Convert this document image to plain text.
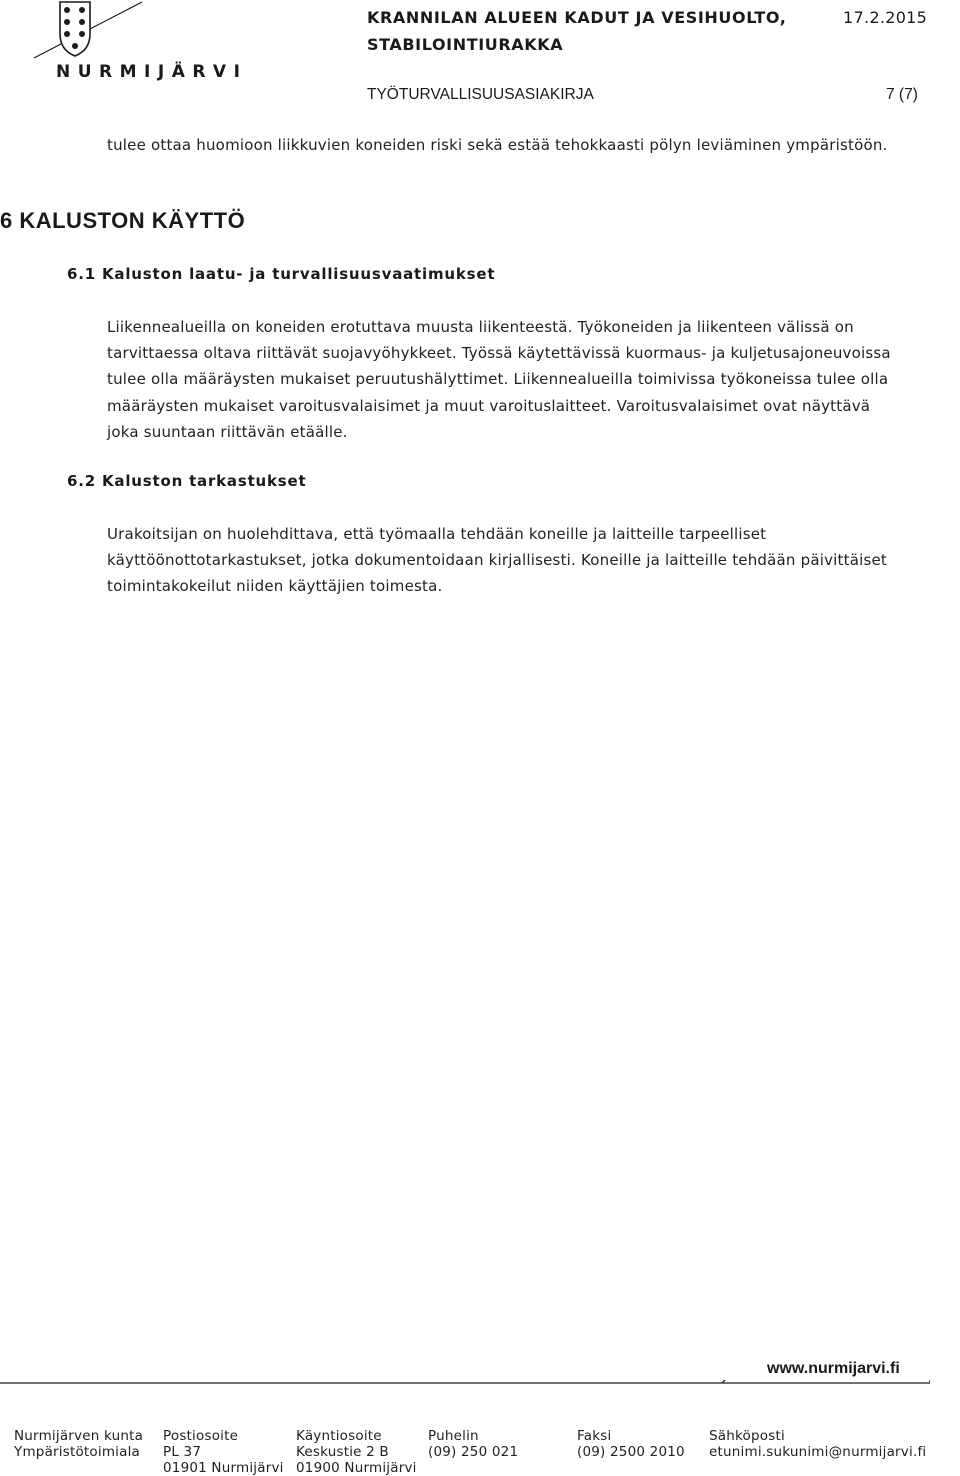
NURMIJÄRVI
KRANNILAN ALUEEN KADUT JA VESIHUOLTO,
STABILOINTIURAKKA
17.2.2015
TYÖTURVALLISUUSASIAKIRJA	7 (7)
tulee ottaa huomioon liikkuvien koneiden riski sekä estää tehokkaasti pölyn leviäminen ympäristöön.
6 KALUSTON KÄYTTÖ
6.1 Kaluston laatu- ja turvallisuusvaatimukset
Liikennealueilla on koneiden erotuttava muusta liikenteestä. Työkoneiden ja liikenteen välissä on
tarvittaessa oltava riittävät suojavyöhykkeet. Työssä käytettävissä kuormaus- ja kuljetusajoneuvoissa
tulee olla määräysten mukaiset peruutushälyttimet. Liikennealueilla toimivissa työkoneissa tulee olla
määräysten mukaiset varoitusvalaisimet ja muut varoituslaitteet. Varoitusvalaisimet ovat näyttävä
joka suuntaan riittävän etäälle.
6.2 Kaluston tarkastukset
Urakoitsijan on huolehdittava, että työmaalla tehdään koneille ja laitteille tarpeelliset
käyttöönottotarkastukset, jotka dokumentoidaan kirjallisesti. Koneille ja laitteille tehdään päivittäiset
toimintakokeilut niiden käyttäjien toimesta.
www.nurmijarvi.fi
Nurmijärven kunta
Ympäristötoimiala
Postiosoite
PL 37
01901 Nurmijärvi
Käyntiosoite
Keskustie 2 B
01900 Nurmijärvi
Puhelin
(09) 250 021
Faksi
(09) 2500 2010
Sähköposti
etunimi.sukunimi@nurmijarvi.fi
